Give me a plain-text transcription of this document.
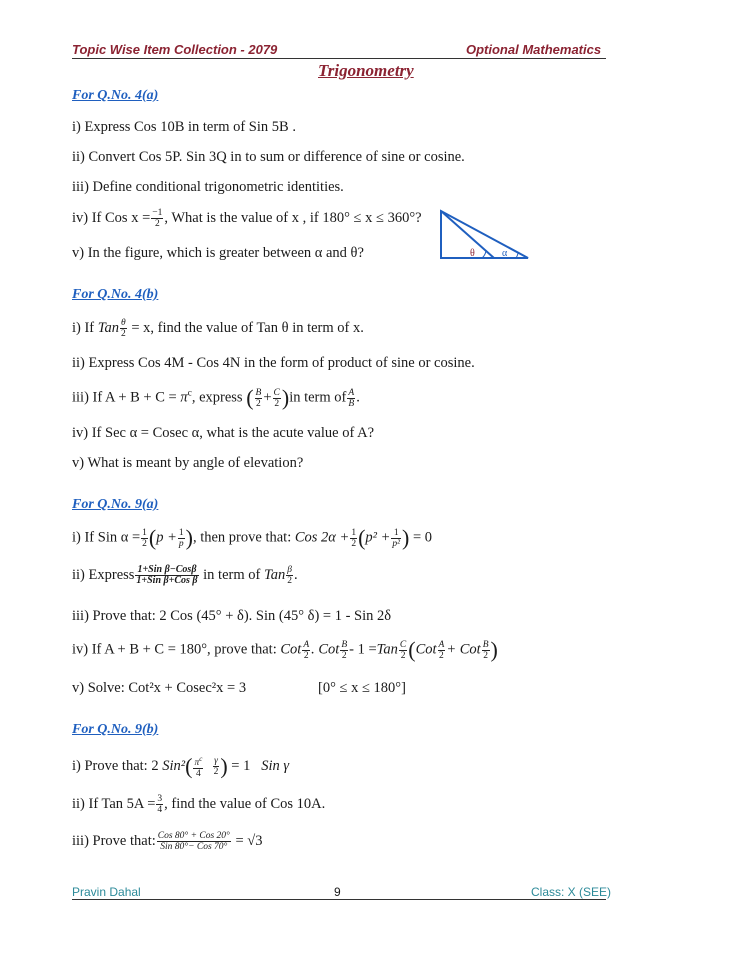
Topic Wise Item Collection - 2079	Optional Mathematics
Trigonometry
For Q.No. 4(a)
i) Express Cos 10B in term of Sin 5B .
ii) Convert Cos 5P. Sin 3Q in to sum or difference of sine or cosine.
iii) Define conditional trigonometric identities.
iv) If Cos $x = \frac{-1}{2}$ , What is the value of x , if 180° ≤ x ≤ 360°?
v) In the figure, which is greater between α and θ?	θ	α
For Q.No. 4(b)
i) If Tan $\frac{\theta}{2} = x$, find the value of Tan θ in term of x.
ii) Express Cos 4M - Cos 4N in the form of product of sine or cosine.
iii) If $A + B + C = \pi^c$, express ( $\frac{B}{2} + \frac{C}{2} )in$ term of $\frac{A}{B}$ .
iv) If Sec α = Cosec α, what is the acute value of A?
v) What is meant by angle of elevation?
For Q.No. 9(a)
i) If Sin $\alpha = \frac{1}{2} (p + \frac{1}{p}$ ), then prove that: Cos $2\alpha + \frac{1}{2} (p^2 + \frac{1}{\text{p²}}$ ) = 0
ii) Express $\frac{\text{1+Sin β−Cosβ}}{\text{1+Sin β+Cos β}}$ in term of Tan $\frac{\beta}{2}$ .
iii) Prove that: 2 Cos (45° + δ). Sin (45° δ) = 1 - Sin 2δ
iv) If A + B + C = 180°, prove that: Cot $\frac{A}{2}$ . Cot $\frac{B}{2} - 1 =Tan \frac{C}{2} (Cot \frac{A}{2}$ + Cot $\frac{B}{2}$ )
v) Solve: Cot²x + Cosec²x = 3	[0° ≤ x ≤ 180°]
For Q.No. 9(b)
i) Prove that: 2 $Sin^2( \frac{\pi^c}{4}$
$\frac{\gamma}{2}$ ) = 1 Sin γ
ii) If Tan $5A = \frac{3}{4}$ , find the value of Cos 10A.
iii) Prove that: $\frac{\text{Cos 80° + Cos 20°}}{\text{Sin 80°− Cos 70°}} = √3$
Pravin Dahal	9	Class: X (SEE)
